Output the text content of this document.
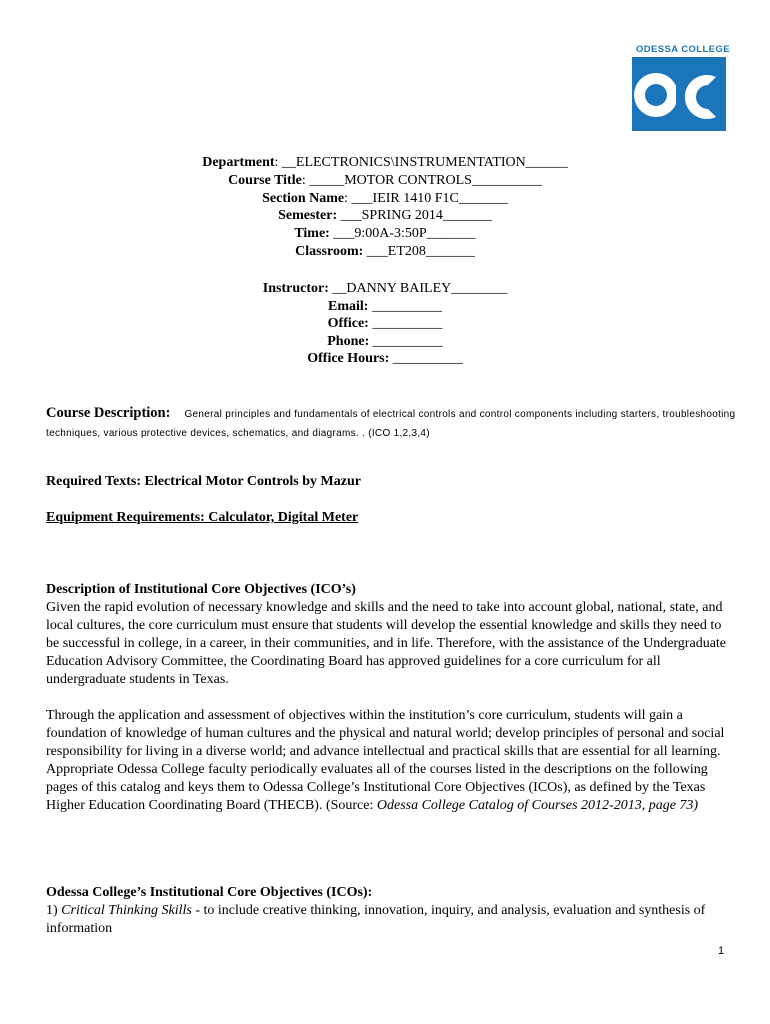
ODESSA COLLEGE
Department: __ELECTRONICS\INSTRUMENTATION______
Course Title: _____MOTOR CONTROLS__________
Section Name: ___IEIR 1410 F1C_______
Semester: ___SPRING 2014_______
Time: ___9:00A-3:50P_______
Classroom: ___ET208_______
Instructor: __DANNY BAILEY________
Email: __________
Office: __________
Phone: __________
Office Hours: __________
Course Description: General principles and fundamentals of electrical controls and control components including starters, troubleshooting techniques, various protective devices, schematics, and diagrams. . (ICO 1,2,3,4)
Required Texts: Electrical Motor Controls by Mazur
Equipment Requirements: Calculator, Digital Meter
Description of Institutional Core Objectives (ICO’s)
Given the rapid evolution of necessary knowledge and skills and the need to take into account global, national, state, and local cultures, the core curriculum must ensure that students will develop the essential knowledge and skills they need to be successful in college, in a career, in their communities, and in life. Therefore, with the assistance of the Undergraduate Education Advisory Committee, the Coordinating Board has approved guidelines for a core curriculum for all undergraduate students in Texas.
Through the application and assessment of objectives within the institution’s core curriculum, students will gain a foundation of knowledge of human cultures and the physical and natural world; develop principles of personal and social responsibility for living in a diverse world; and advance intellectual and practical skills that are essential for all learning. Appropriate Odessa College faculty periodically evaluates all of the courses listed in the descriptions on the following pages of this catalog and keys them to Odessa College’s Institutional Core Objectives (ICOs), as defined by the Texas Higher Education Coordinating Board (THECB). (Source: Odessa College Catalog of Courses 2012-2013, page 73)
Odessa College’s Institutional Core Objectives (ICOs):
1) Critical Thinking Skills - to include creative thinking, innovation, inquiry, and analysis, evaluation and synthesis of information
1
